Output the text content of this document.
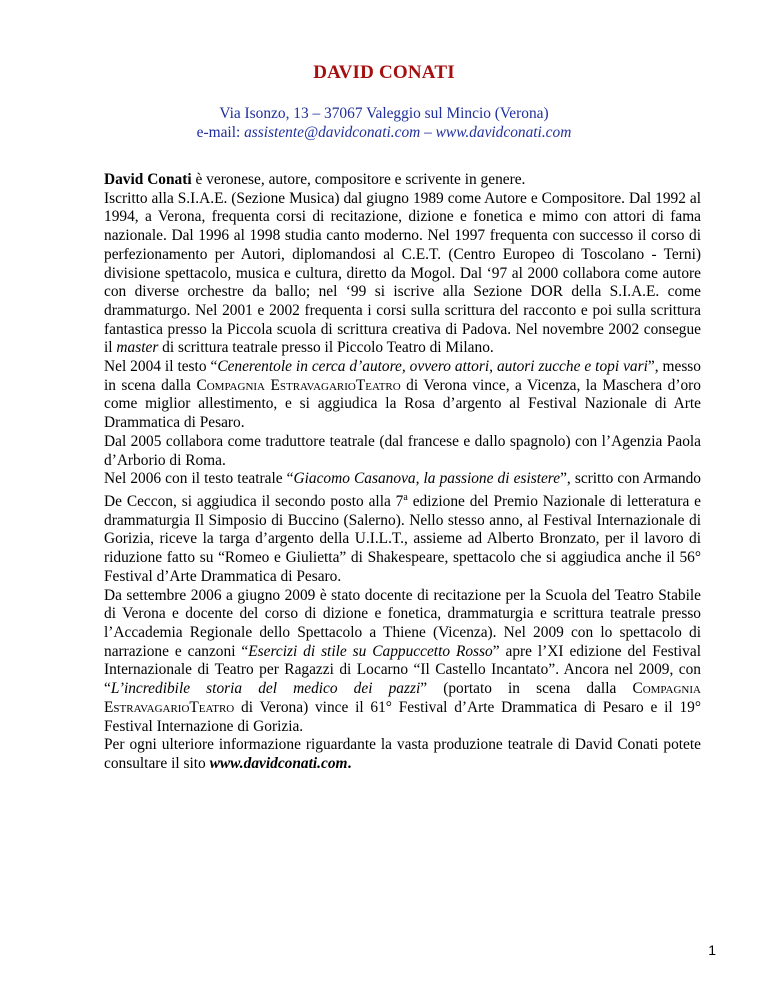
DAVID CONATI
Via Isonzo, 13 – 37067 Valeggio sul Mincio (Verona)
e-mail: assistente@davidconati.com – www.davidconati.com

David Conati è veronese, autore, compositore e scrivente in genere.

Iscritto alla S.I.A.E. (Sezione Musica) dal giugno 1989 come Autore e Compositore. Dal 1992 al 1994, a Verona, frequenta corsi di recitazione, dizione e fonetica e mimo con attori di fama nazionale. Dal 1996 al 1998 studia canto moderno. Nel 1997 frequenta con successo il corso di perfezionamento per Autori, diplomandosi al C.E.T. (Centro Europeo di Toscolano - Terni) divisione spettacolo, musica e cultura, diretto da Mogol. Dal ‘97 al 2000 collabora come autore con diverse orchestre da ballo; nel ‘99 si iscrive alla Sezione DOR della S.I.A.E. come drammaturgo. Nel 2001 e 2002 frequenta i corsi sulla scrittura del racconto e poi sulla scrittura fantastica presso la Piccola scuola di scrittura creativa di Padova. Nel novembre 2002 consegue il master di scrittura teatrale presso il Piccolo Teatro di Milano.

Nel 2004 il testo “Cenerentole in cerca d’autore, ovvero attori, autori zucche e topi vari”, messo in scena dalla Compagnia EstravagarioTeatro di Verona vince, a Vicenza, la Maschera d’oro come miglior allestimento, e si aggiudica la Rosa d’argento al Festival Nazionale di Arte Drammatica di Pesaro.

Dal 2005 collabora come traduttore teatrale (dal francese e dallo spagnolo) con l’Agenzia Paola d’Arborio di Roma.

Nel 2006 con il testo teatrale “Giacomo Casanova, la passione di esistere”, scritto con Armando De Ceccon, si aggiudica il secondo posto alla 7$^a$ edizione del Premio Nazionale di letteratura e drammaturgia Il Simposio di Buccino (Salerno). Nello stesso anno, al Festival Internazionale di Gorizia, riceve la targa d’argento della U.I.L.T., assieme ad Alberto Bronzato, per il lavoro di riduzione fatto su “Romeo e Giulietta” di Shakespeare, spettacolo che si aggiudica anche il 56° Festival d’Arte Drammatica di Pesaro.

Da settembre 2006 a giugno 2009 è stato docente di recitazione per la Scuola del Teatro Stabile di Verona e docente del corso di dizione e fonetica, drammaturgia e scrittura teatrale presso l’Accademia Regionale dello Spettacolo a Thiene (Vicenza). Nel 2009 con lo spettacolo di narrazione e canzoni “Esercizi di stile su Cappuccetto Rosso” apre l’XI edizione del Festival Internazionale di Teatro per Ragazzi di Locarno “Il Castello Incantato”. Ancora nel 2009, con “L’incredibile storia del medico dei pazzi” (portato in scena dalla Compagnia EstravagarioTeatro di Verona) vince il 61° Festival d’Arte Drammatica di Pesaro e il 19° Festival Internazione di Gorizia.

Per ogni ulteriore informazione riguardante la vasta produzione teatrale di David Conati potete consultare il sito www.davidconati.com.

1
